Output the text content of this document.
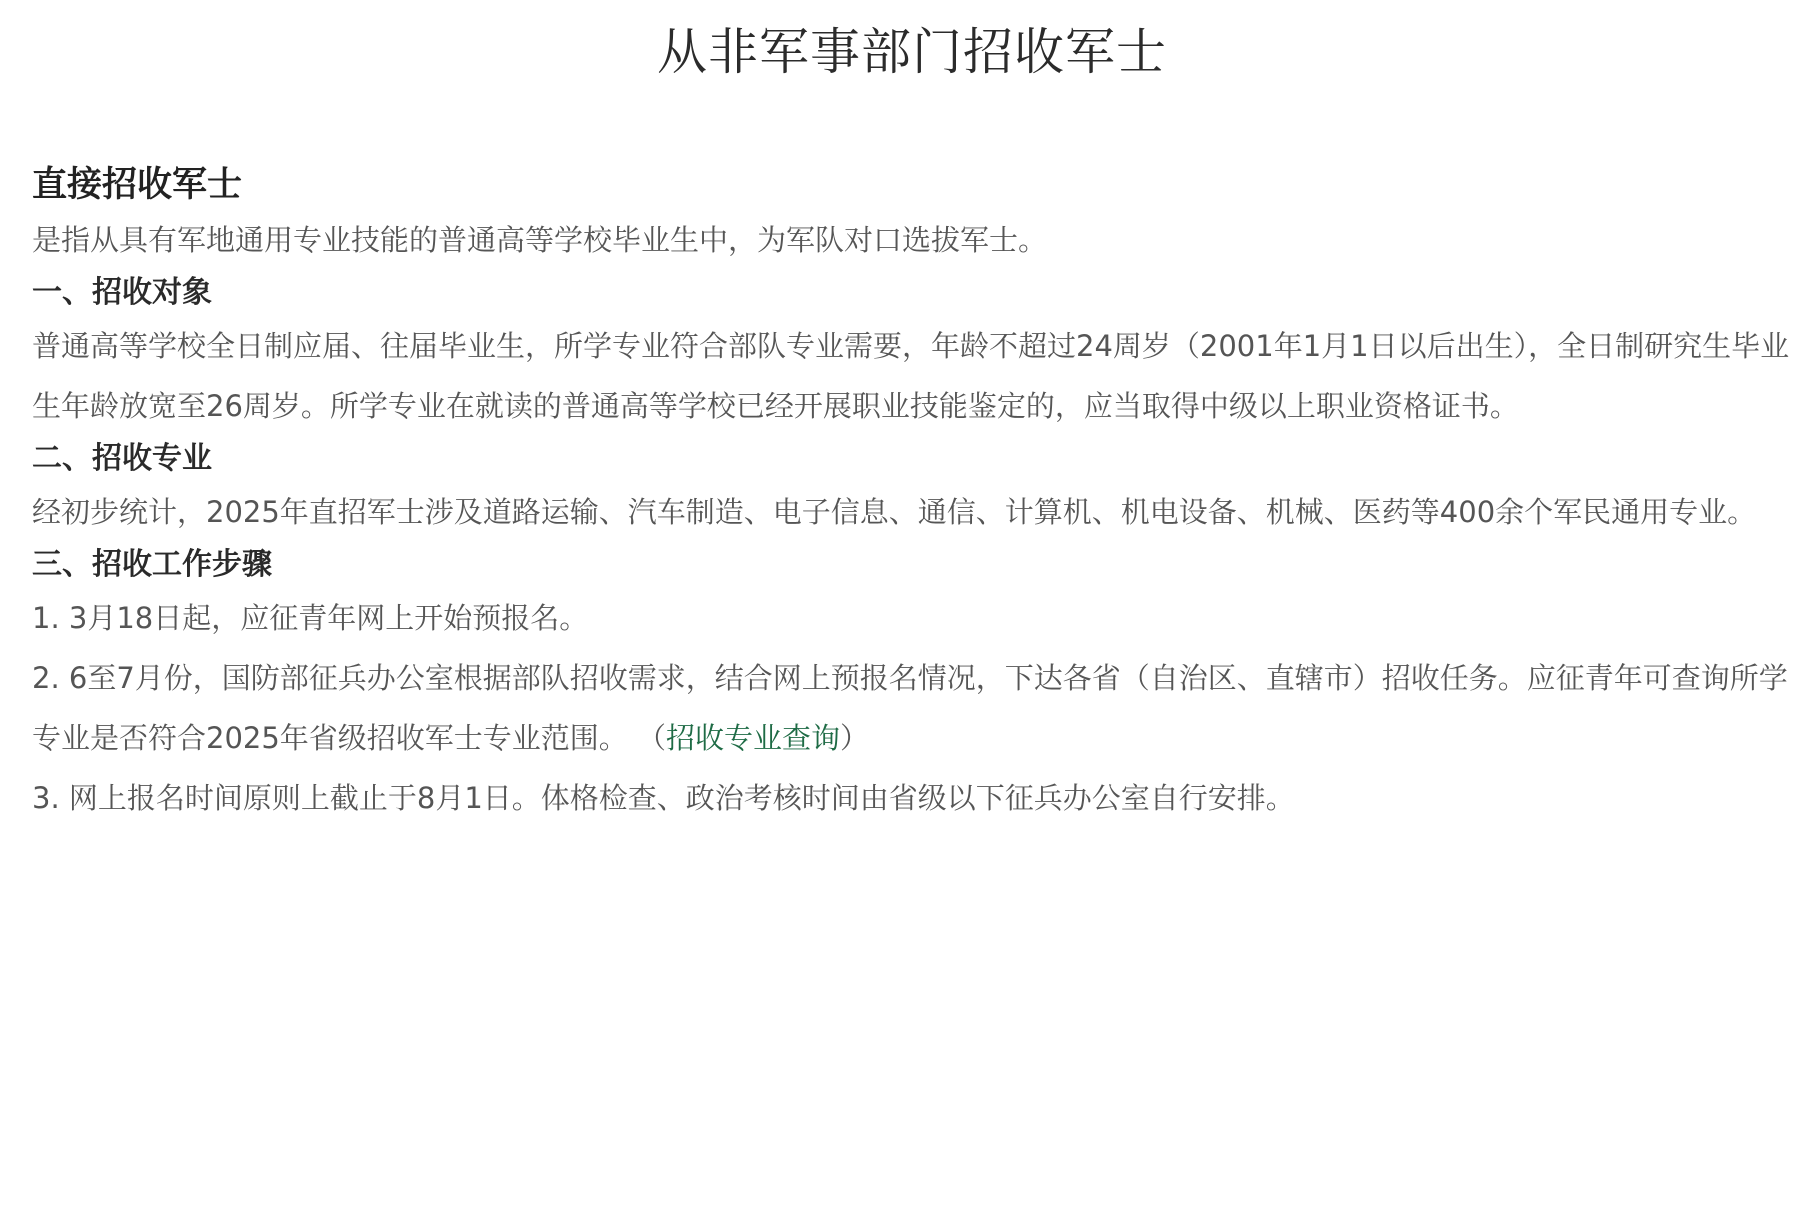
从非军事部门招收军士
直接招收军士

是指从具有军地通用专业技能的普通高等学校毕业生中，为军队对口选拔军士。

一、招收对象

普通高等学校全日制应届、往届毕业生，所学专业符合部队专业需要，年龄不超过24周岁（2001年1月1日以后出生），全日制研究生毕业生年龄放宽至26周岁。所学专业在就读的普通高等学校已经开展职业技能鉴定的，应当取得中级以上职业资格证书。

二、招收专业

经初步统计，2025年直招军士涉及道路运输、汽车制造、电子信息、通信、计算机、机电设备、机械、医药等400余个军民通用专业。

三、招收工作步骤

1. 3月18日起，应征青年网上开始预报名。

2. 6至7月份，国防部征兵办公室根据部队招收需求，结合网上预报名情况，下达各省（自治区、直辖市）招收任务。应征青年可查询所学专业是否符合2025年省级招收军士专业范围。 （招收专业查询）

3. 网上报名时间原则上截止于8月1日。体格检查、政治考核时间由省级以下征兵办公室自行安排。
